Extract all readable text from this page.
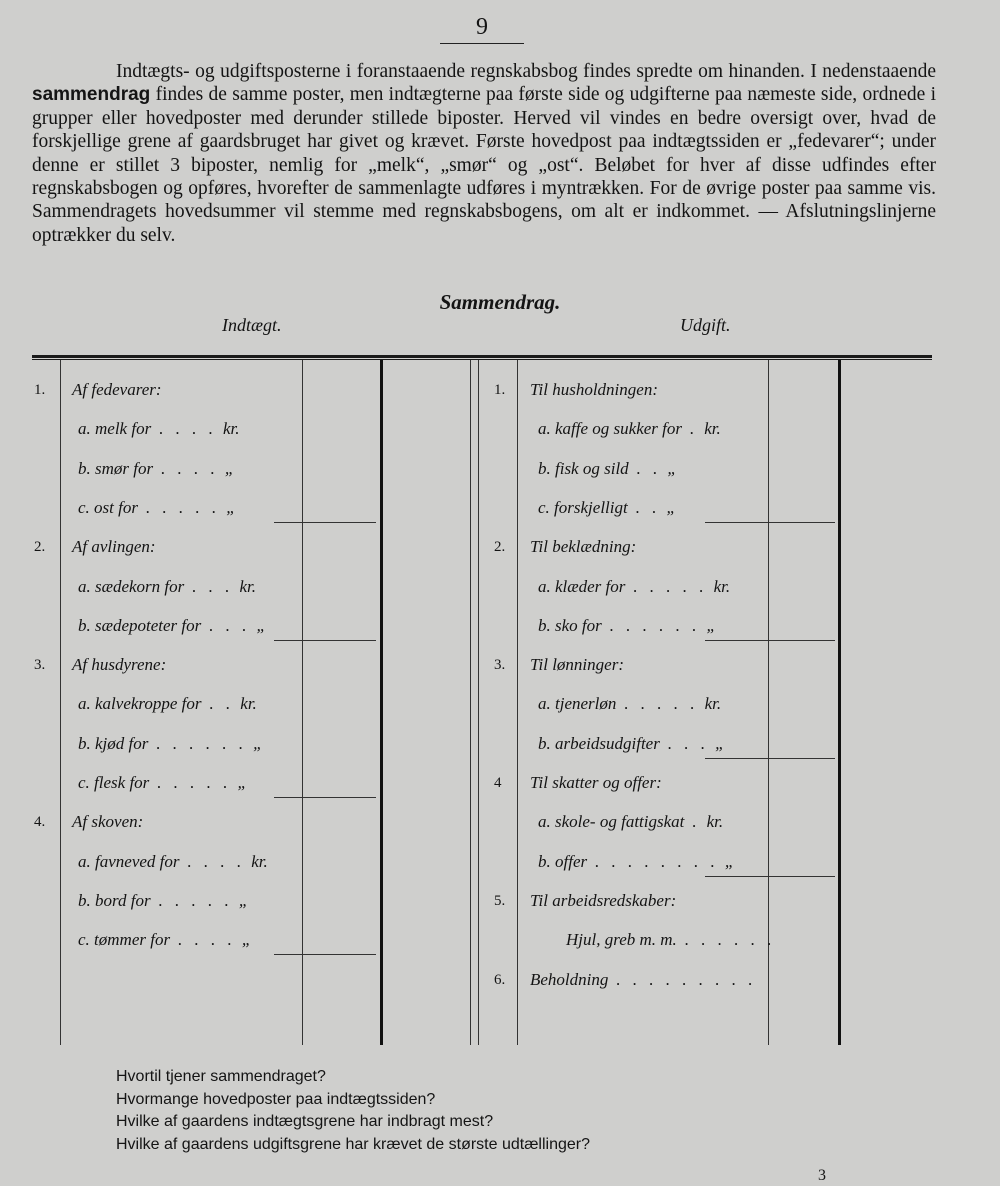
9
Indtægts- og udgiftsposterne i foranstaaende regnskabsbog findes spredte om hinanden. I nedenstaaende sammendrag findes de samme poster, men indtægterne paa første side og udgifterne paa næmeste side, ordnede i grupper eller hovedposter med derunder stillede biposter. Herved vil vindes en bedre oversigt over, hvad de forskjellige grene af gaardsbruget har givet og krævet. Første hovedpost paa indtægtssiden er „fedevarer“; under denne er stillet 3 biposter, nemlig for „melk“, „smør“ og „ost“. Beløbet for hver af disse udfindes efter regnskabsbogen og opføres, hvorefter de sammenlagte udføres i myntrækken. For de øvrige poster paa samme vis. Sammendragets hovedsummer vil stemme med regnskabsbogens, om alt er indkommet. — Afslutningslinjerne optrækker du selv.
Sammendrag.
Indtægt.	Udgift.
1. Af fedevarer:
a. melk for . . . . kr.
b. smør for . . . . „
c. ost for . . . . . „
2. Af avlingen:
a. sædekorn for . . . kr.
b. sædepoteter for . . . „
3. Af husdyrene:
a. kalvekroppe for . . kr.
b. kjød for . . . . . . „
c. flesk for . . . . . „
4. Af skoven:
a. favneved for . . . . kr.
b. bord for . . . . . „
c. tømmer for . . . . „
1. Til husholdningen:
a. kaffe og sukker for . kr.
b. fisk og sild . . „
c. forskjelligt . . „
2. Til beklædning:
a. klæder for . . . . . kr.
b. sko for . . . . . . „
3. Til lønninger:
a. tjenerløn . . . . . kr.
b. arbeidsudgifter . . . „
4 Til skatter og offer:
a. skole- og fattigskat . kr.
b. offer . . . . . . . . „
5. Til arbeidsredskaber:
Hjul, greb m. m. . . . . . .
6. Beholdning . . . . . . . . .
Hvortil tjener sammendraget?
Hvormange hovedposter paa indtægtssiden?
Hvilke af gaardens indtægtsgrene har indbragt mest?
Hvilke af gaardens udgiftsgrene har krævet de største udtællinger?
3
